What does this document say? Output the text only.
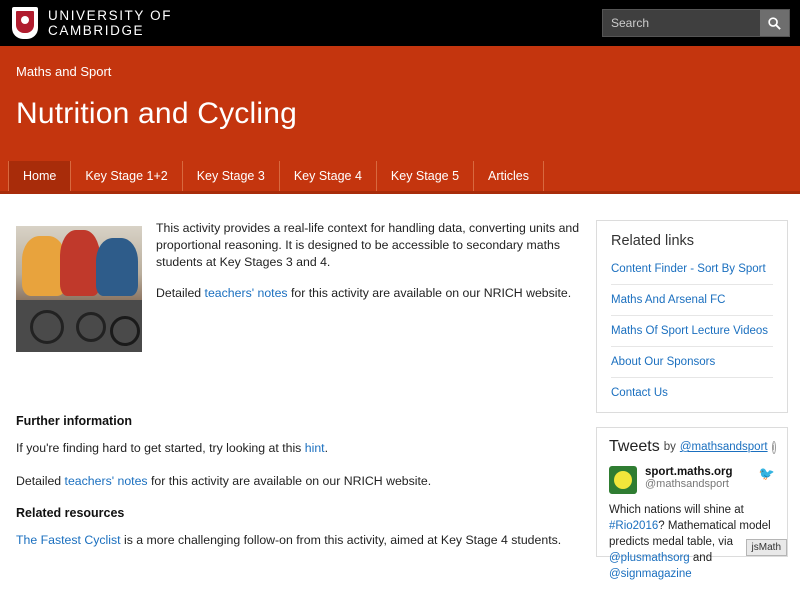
UNIVERSITY OF
CAMBRIDGE
Search

Maths and Sport

Nutrition and Cycling
Home	Key Stage 1+2	Key Stage 3	Key Stage 4	Key Stage 5	Articles

This activity provides a real-life context for handling data, converting units and proportional reasoning. It is designed to be accessible to secondary maths students at Key Stages 3 and 4.

Detailed teachers' notes for this activity are available on our NRICH website.

Further information

If you're finding hard to get started, try looking at this hint.

Detailed teachers' notes for this activity are available on our NRICH website.

Related resources

The Fastest Cyclist is a more challenging follow-on from this activity, aimed at Key Stage 4 students.

Related links
Content Finder - Sort By Sport
Maths And Arsenal FC
Maths Of Sport Lecture Videos
About Our Sponsors
Contact Us
Tweets by @mathsandsport i
🐦
sport.maths.org
@mathsandsport
Which nations will shine at #Rio2016? Mathematical model predicts medal table, via @plusmathsorg and @signmagazine
jsMath
